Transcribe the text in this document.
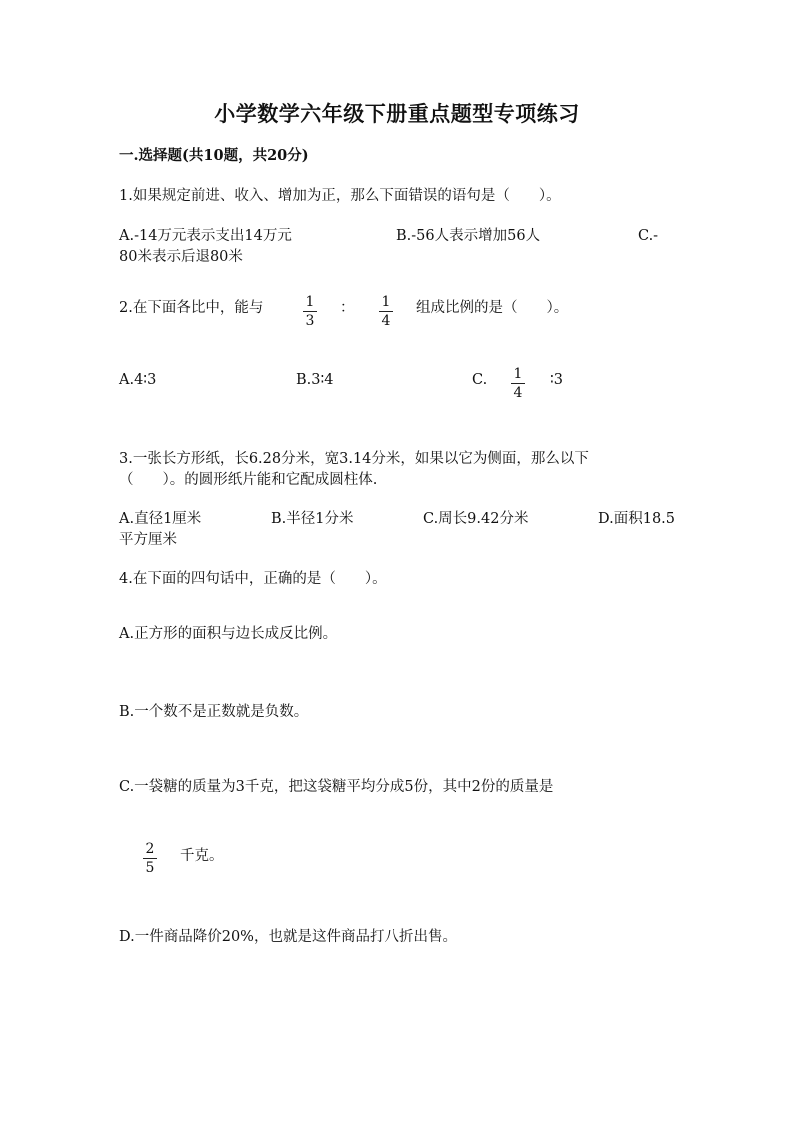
小学数学六年级下册重点题型专项练习
一.选择题(共10题，共20分)
1.如果规定前进、收入、增加为正，那么下面错误的语句是（　　）。
A.-14万元表示支出14万元	B.-56人表示增加56人	C.-
80米表示后退80米
2.在下面各比中，能与	1
3
：	1
4
组成比例的是（　　）。
A.4∶3	B.3∶4	C.	1
4
∶3
3.一张长方形纸，长6.28分米，宽3.14分米，如果以它为侧面，那么以下
（　　）。的圆形纸片能和它配成圆柱体.
A.直径1厘米	B.半径1分米	C.周长9.42分米	D.面积18.5
平方厘米
4.在下面的四句话中，正确的是（　　）。
A.正方形的面积与边长成反比例。
B.一个数不是正数就是负数。
C.一袋糖的质量为3千克，把这袋糖平均分成5份，其中2份的质量是
2
5
千克。
D.一件商品降价20%，也就是这件商品打八折出售。
